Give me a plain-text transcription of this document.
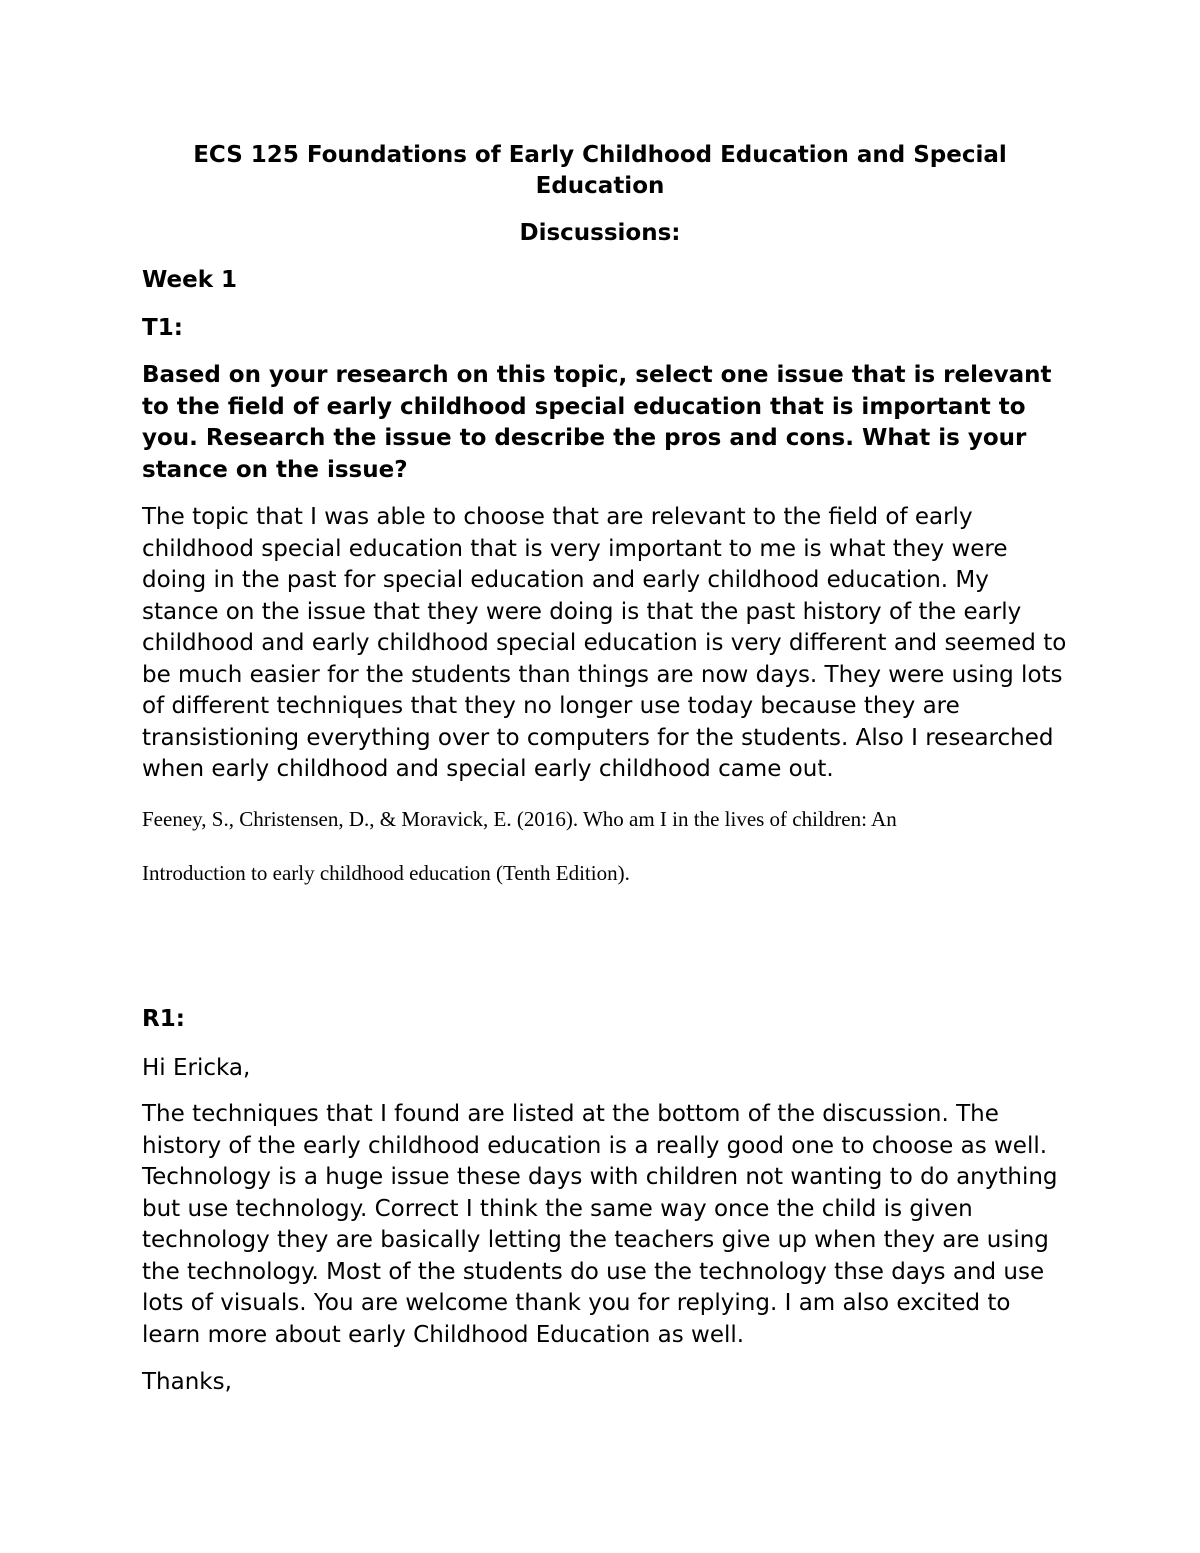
ECS 125 Foundations of Early Childhood Education and Special Education
Discussions:
Week 1
T1:

Based on your research on this topic, select one issue that is relevant to the field of early childhood special education that is important to you. Research the issue to describe the pros and cons. What is your stance on the issue?

The topic that I was able to choose that are relevant to the field of early childhood special education that is very important to me is what they were doing in the past for special education and early childhood education. My stance on the issue that they were doing is that the past history of the early childhood and early childhood special education is very different and seemed to be much easier for the students than things are now days. They were using lots of different techniques that they no longer use today because they are transistioning everything over to computers for the students. Also I researched when early childhood and special early childhood came out.

Feeney, S., Christensen, D., & Moravick, E. (2016). Who am I in the lives of children: An

Introduction to early childhood education (Tenth Edition).

R1:

Hi Ericka,

The techniques that I found are listed at the bottom of the discussion. The history of the early childhood education is a really good one to choose as well. Technology is a huge issue these days with children not wanting to do anything but use technology. Correct I think the same way once the child is given technology they are basically letting the teachers give up when they are using the technology. Most of the students do use the technology thse days and use lots of visuals. You are welcome thank you for replying. I am also excited to learn more about early Childhood Education as well.

Thanks,
